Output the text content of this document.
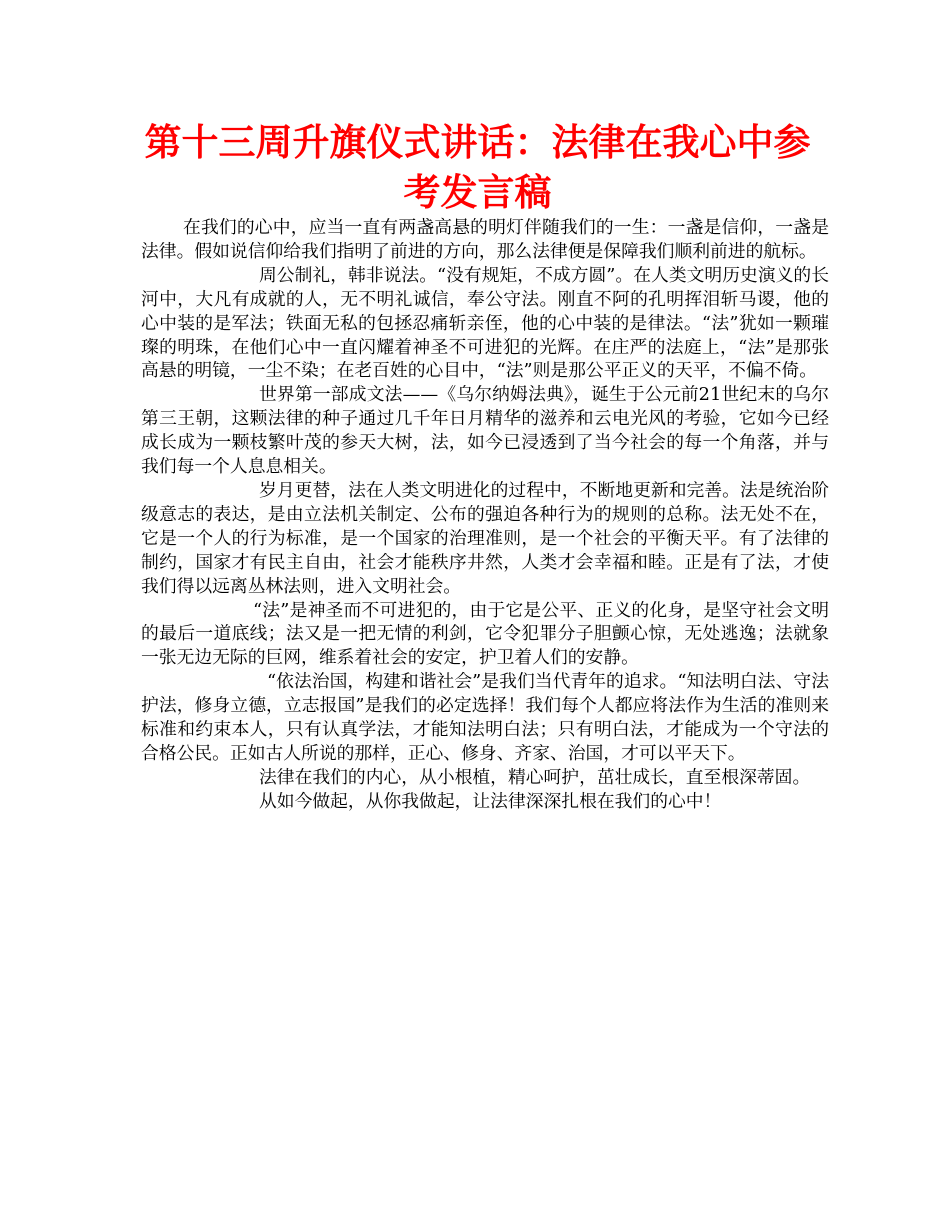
第十三周升旗仪式讲话：法律在我心中参考发言稿

在我们的心中，应当一直有两盏高悬的明灯伴随我们的一生：一盏是信仰，一盏是法律。假如说信仰给我们指明了前进的方向，那么法律便是保障我们顺利前进的航标。

周公制礼，韩非说法。“没有规矩，不成方圆”。在人类文明历史演义的长河中，大凡有成就的人，无不明礼诚信，奉公守法。刚直不阿的孔明挥泪斩马谡，他的心中装的是军法；铁面无私的包拯忍痛斩亲侄，他的心中装的是律法。“法”犹如一颗璀璨的明珠，在他们心中一直闪耀着神圣不可进犯的光辉。在庄严的法庭上，“法”是那张高悬的明镜，一尘不染；在老百姓的心目中，“法”则是那公平正义的天平，不偏不倚。

世界第一部成文法——《乌尔纳姆法典》，诞生于公元前21世纪末的乌尔第三王朝，这颗法律的种子通过几千年日月精华的滋养和云电光风的考验，它如今已经成长成为一颗枝繁叶茂的参天大树，法，如今已浸透到了当今社会的每一个角落，并与我们每一个人息息相关。

岁月更替，法在人类文明进化的过程中，不断地更新和完善。法是统治阶级意志的表达，是由立法机关制定、公布的强迫各种行为的规则的总称。法无处不在，它是一个人的行为标准，是一个国家的治理准则，是一个社会的平衡天平。有了法律的制约，国家才有民主自由，社会才能秩序井然，人类才会幸福和睦。正是有了法，才使我们得以远离丛林法则，进入文明社会。

“法”是神圣而不可进犯的，由于它是公平、正义的化身，是坚守社会文明的最后一道底线；法又是一把无情的利剑，它令犯罪分子胆颤心惊，无处逃逸；法就象一张无边无际的巨网，维系着社会的安定，护卫着人们的安静。

“依法治国，构建和谐社会”是我们当代青年的追求。“知法明白法、守法护法，修身立德，立志报国”是我们的必定选择！我们每个人都应将法作为生活的准则来标准和约束本人，只有认真学法，才能知法明白法；只有明白法，才能成为一个守法的合格公民。正如古人所说的那样，正心、修身、齐家、治国，才可以平天下。

法律在我们的内心，从小根植，精心呵护，茁壮成长，直至根深蒂固。

从如今做起，从你我做起，让法律深深扎根在我们的心中！
